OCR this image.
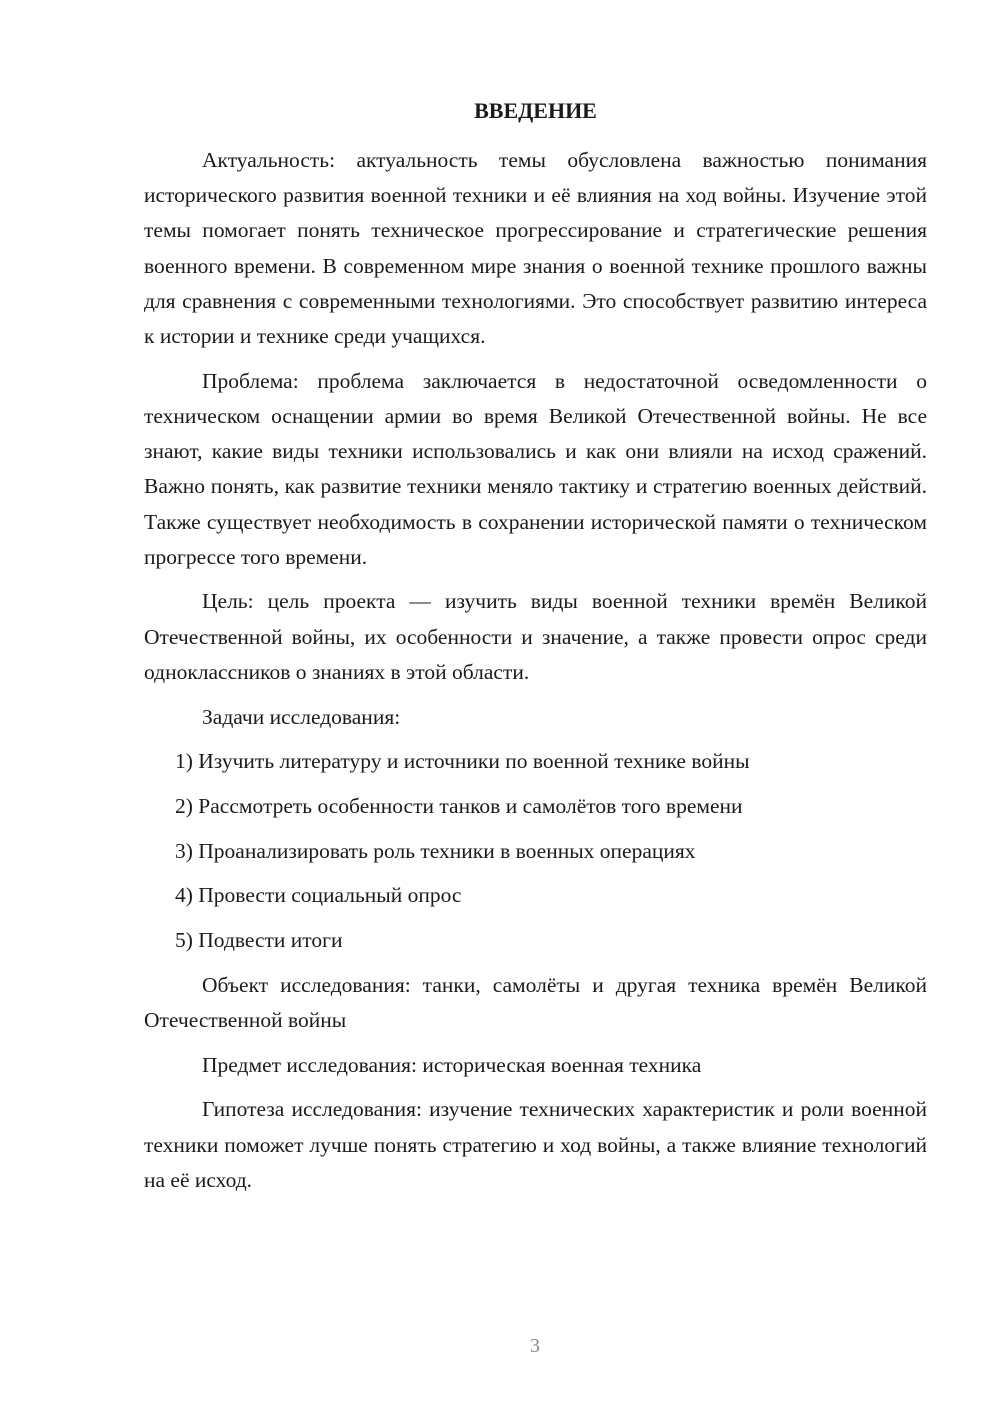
ВВЕДЕНИЕ

Актуальность: актуальность темы обусловлена важностью понимания исторического развития военной техники и её влияния на ход войны. Изучение этой темы помогает понять техническое прогрессирование и стратегические решения военного времени. В современном мире знания о военной технике прошлого важны для сравнения с современными технологиями. Это способствует развитию интереса к истории и технике среди учащихся.

Проблема: проблема заключается в недостаточной осведомленности о техническом оснащении армии во время Великой Отечественной войны. Не все знают, какие виды техники использовались и как они влияли на исход сражений. Важно понять, как развитие техники меняло тактику и стратегию военных действий. Также существует необходимость в сохранении исторической памяти о техническом прогрессе того времени.

Цель: цель проекта — изучить виды военной техники времён Великой Отечественной войны, их особенности и значение, а также провести опрос среди одноклассников о знаниях в этой области.

Задачи исследования:

1) Изучить литературу и источники по военной технике войны
2) Рассмотреть особенности танков и самолётов того времени
3) Проанализировать роль техники в военных операциях
4) Провести социальный опрос
5) Подвести итоги

Объект исследования: танки, самолёты и другая техника времён Великой Отечественной войны

Предмет исследования: историческая военная техника

Гипотеза исследования: изучение технических характеристик и роли военной техники поможет лучше понять стратегию и ход войны, а также влияние технологий на её исход.

3
